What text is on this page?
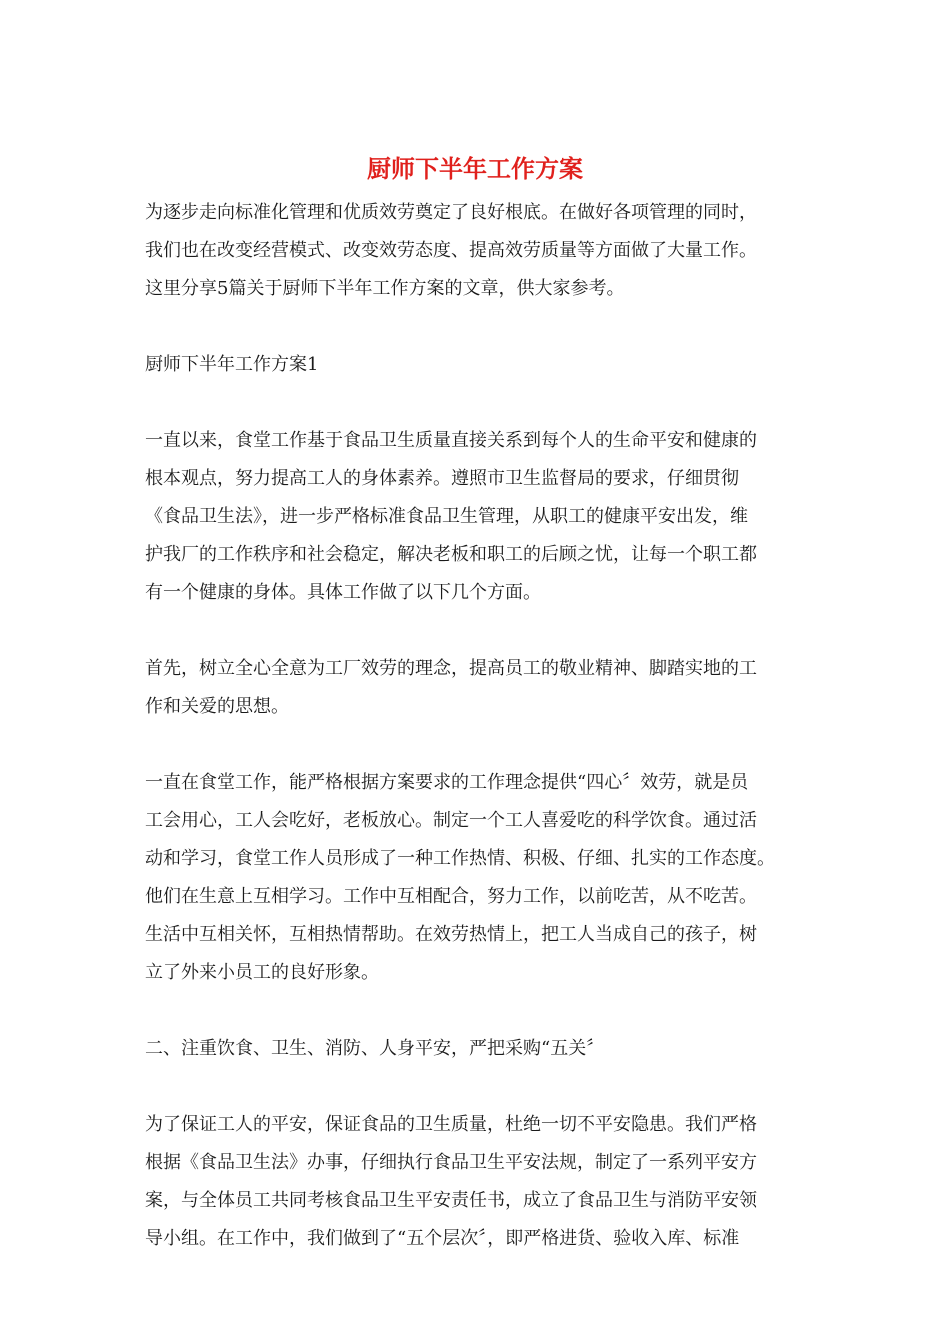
厨师下半年工作方案

为逐步走向标准化管理和优质效劳奠定了良好根底。在做好各项管理的同时，
我们也在改变经营模式、改变效劳态度、提高效劳质量等方面做了大量工作。
这里分享5篇关于厨师下半年工作方案的文章，供大家参考。

厨师下半年工作方案1

一直以来，食堂工作基于食品卫生质量直接关系到每个人的生命平安和健康的
根本观点，努力提高工人的身体素养。遵照市卫生监督局的要求，仔细贯彻
《食品卫生法》，进一步严格标准食品卫生管理，从职工的健康平安出发，维
护我厂的工作秩序和社会稳定，解决老板和职工的后顾之忧，让每一个职工都
有一个健康的身体。具体工作做了以下几个方面。

首先，树立全心全意为工厂效劳的理念，提高员工的敬业精神、脚踏实地的工
作和关爱的思想。

一直在食堂工作，能严格根据方案要求的工作理念提供“四心〞效劳，就是员
工会用心，工人会吃好，老板放心。制定一个工人喜爱吃的科学饮食。通过活
动和学习，食堂工作人员形成了一种工作热情、积极、仔细、扎实的工作态度。
他们在生意上互相学习。工作中互相配合，努力工作，以前吃苦，从不吃苦。
生活中互相关怀，互相热情帮助。在效劳热情上，把工人当成自己的孩子，树
立了外来小员工的良好形象。

二、注重饮食、卫生、消防、人身平安，严把采购“五关〞

为了保证工人的平安，保证食品的卫生质量，杜绝一切不平安隐患。我们严格
根据《食品卫生法》办事，仔细执行食品卫生平安法规，制定了一系列平安方
案，与全体员工共同考核食品卫生平安责任书，成立了食品卫生与消防平安领
导小组。在工作中，我们做到了“五个层次〞，即严格进货、验收入库、标准
